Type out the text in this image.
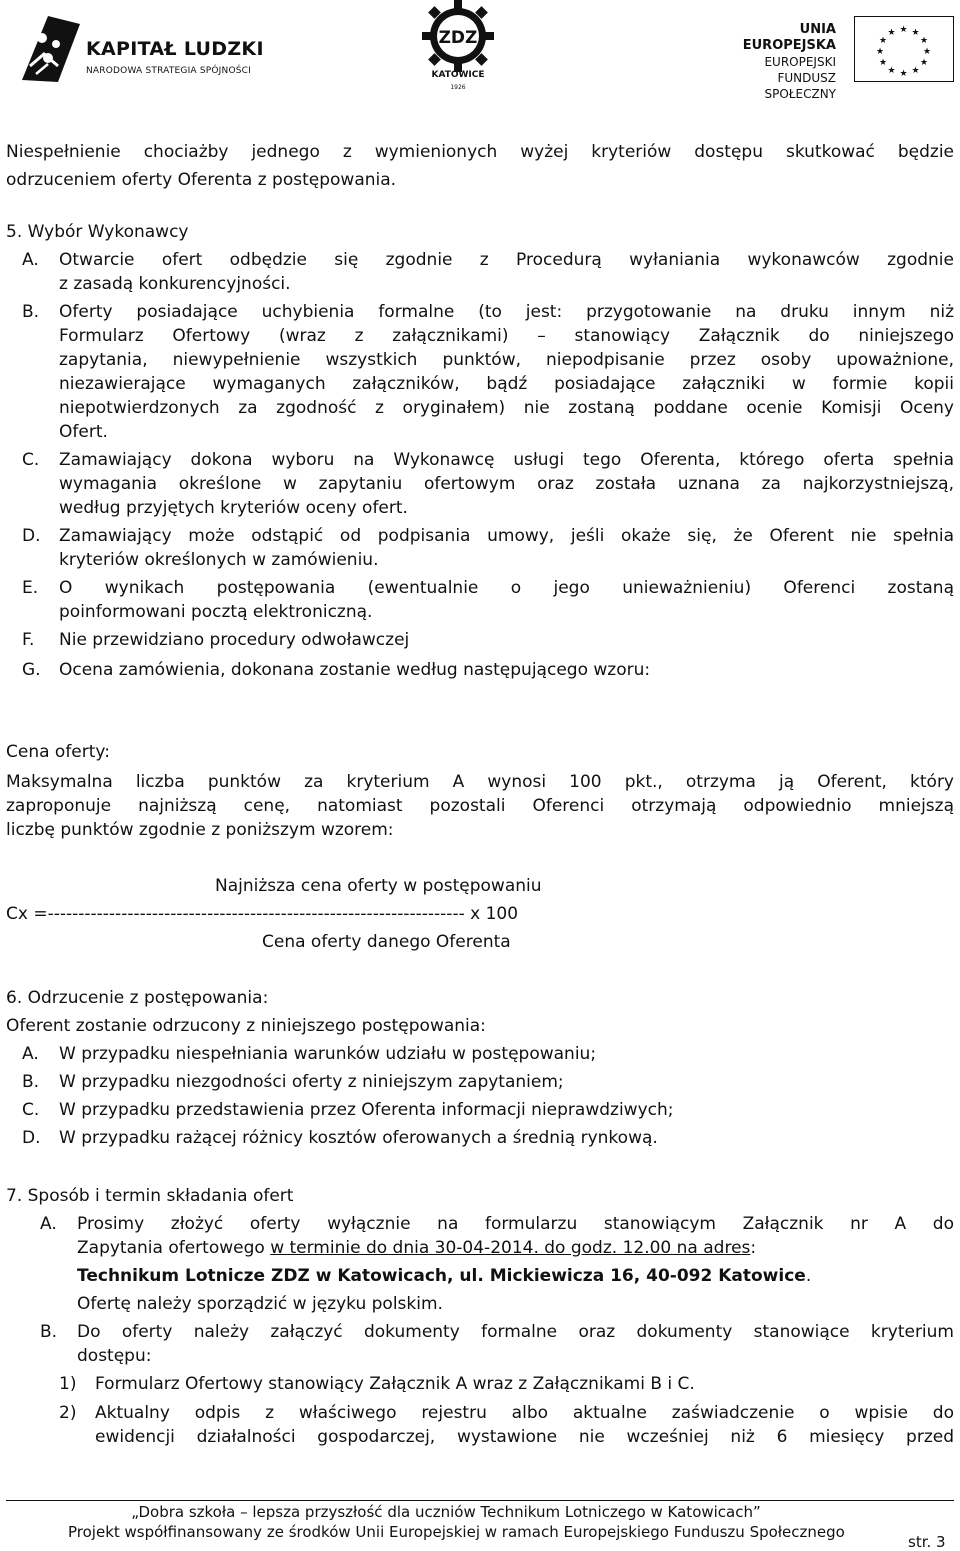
KAPITAŁ LUDZKI
NARODOWA STRATEGIA SPÓJNOŚCI
ZDZ
KATOWICE
1926
UNIA EUROPEJSKA
EUROPEJSKI
FUNDUSZ SPOŁECZNY
★ ★
★
★
★
★
★
★
★
★
★
★
Niespełnienie chociażby jednego z wymienionych wyżej kryteriów dostępu skutkować będzie
odrzuceniem oferty Oferenta z postępowania.
5. Wybór Wykonawcy
A. Otwarcie ofert odbędzie się zgodnie z Procedurą wyłaniania wykonawców zgodnie
z zasadą konkurencyjności.
B. Oferty posiadające uchybienia formalne (to jest: przygotowanie na druku innym niż
Formularz Ofertowy (wraz z załącznikami) – stanowiący Załącznik do niniejszego
zapytania, niewypełnienie wszystkich punktów, niepodpisanie przez osoby upoważnione,
niezawierające wymaganych załączników, bądź posiadające załączniki w formie kopii
niepotwierdzonych za zgodność z oryginałem) nie zostaną poddane ocenie Komisji Oceny
Ofert.
C. Zamawiający dokona wyboru na Wykonawcę usługi tego Oferenta, którego oferta spełnia
wymagania określone w zapytaniu ofertowym oraz została uznana za najkorzystniejszą,
według przyjętych kryteriów oceny ofert.
D. Zamawiający może odstąpić od podpisania umowy, jeśli okaże się, że Oferent nie spełnia
kryteriów określonych w zamówieniu.
E. O wynikach postępowania (ewentualnie o jego unieważnieniu) Oferenci zostaną
poinformowani pocztą elektroniczną.
F. Nie przewidziano procedury odwoławczej
G. Ocena zamówienia, dokonana zostanie według następującego wzoru:
Cena oferty:
Maksymalna liczba punktów za kryterium A wynosi 100 pkt., otrzyma ją Oferent, który
zaproponuje najniższą cenę, natomiast pozostali Oferenci otrzymają odpowiednio mniejszą
liczbę punktów zgodnie z poniższym wzorem:
Najniższa cena oferty w postępowaniu
Cx =-------------------------------------------------------------------- x 100
Cena oferty danego Oferenta
6. Odrzucenie z postępowania:
Oferent zostanie odrzucony z niniejszego postępowania:
A. W przypadku niespełniania warunków udziału w postępowaniu;
B. W przypadku niezgodności oferty z niniejszym zapytaniem;
C. W przypadku przedstawienia przez Oferenta informacji nieprawdziwych;
D. W przypadku rażącej różnicy kosztów oferowanych a średnią rynkową.
7. Sposób i termin składania ofert
A. Prosimy złożyć oferty wyłącznie na formularzu stanowiącym Załącznik nr A do
Zapytania ofertowego w terminie do dnia 30-04-2014. do godz. 12.00 na adres:
Technikum Lotnicze ZDZ w Katowicach, ul. Mickiewicza 16, 40-092 Katowice.
Ofertę należy sporządzić w języku polskim.
B. Do oferty należy załączyć dokumenty formalne oraz dokumenty stanowiące kryterium
dostępu:
1) Formularz Ofertowy stanowiący Załącznik A wraz z Załącznikami B i C.
2) Aktualny odpis z właściwego rejestru albo aktualne zaświadczenie o wpisie do
ewidencji działalności gospodarczej, wystawione nie wcześniej niż 6 miesięcy przed
„Dobra szkoła – lepsza przyszłość dla uczniów Technikum Lotniczego w Katowicach”
Projekt współfinansowany ze środków Unii Europejskiej w ramach Europejskiego Funduszu Społecznego
str. 3
